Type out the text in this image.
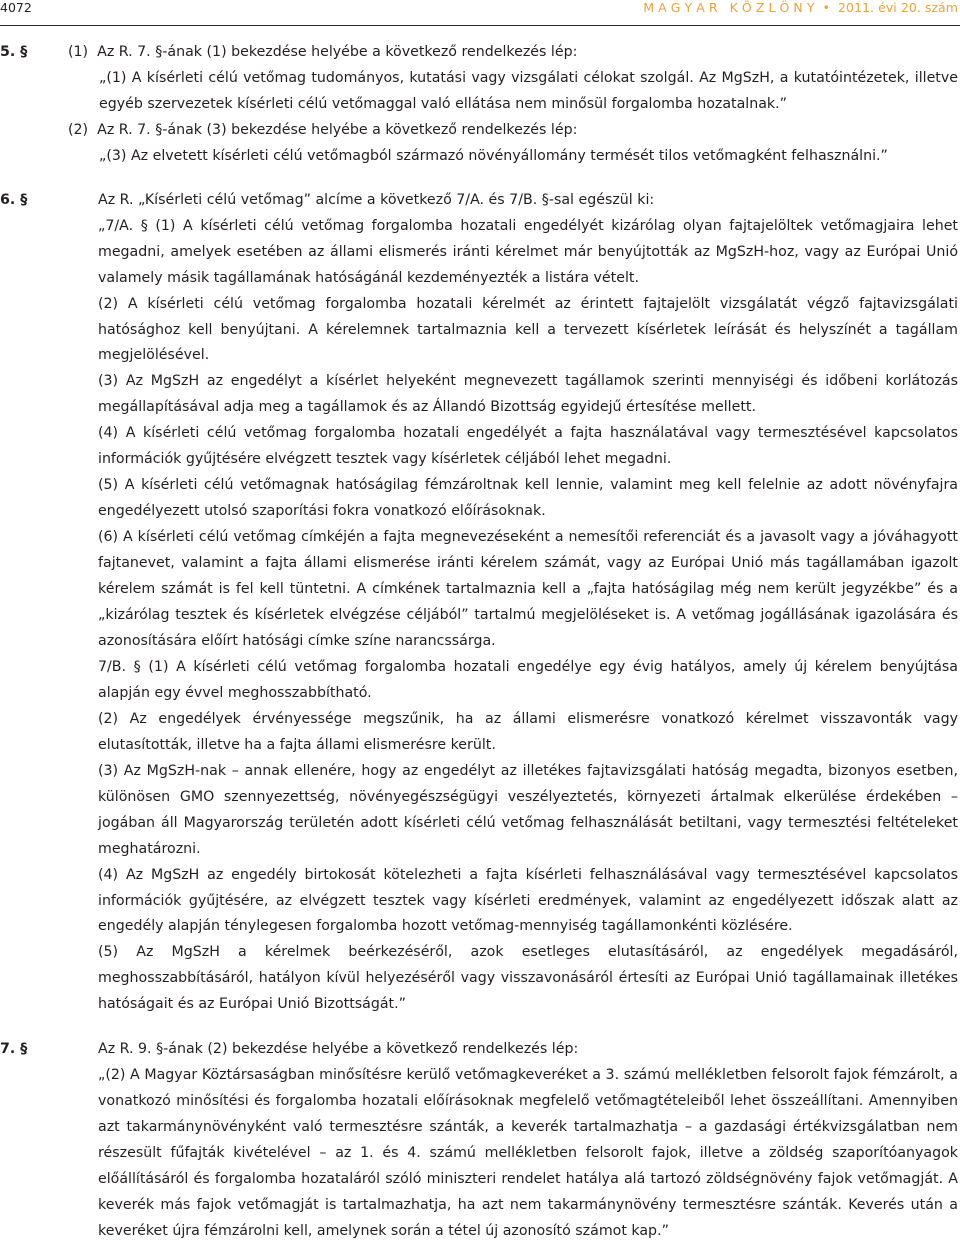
4072	M A G Y A R   K Ö Z L Ö N Y  •  2011. évi 20. szám
5. §	(1)  Az R. 7. §-ának (1) bekezdése helyébe a következő rendelkezés lép:

„(1) A kísérleti célú vetőmag tudományos, kutatási vagy vizsgálati célokat szolgál. Az MgSzH, a kutatóintézetek, illetve egyéb szervezetek kísérleti célú vetőmaggal való ellátása nem minősül forgalomba hozatalnak.”

(2)  Az R. 7. §-ának (3) bekezdése helyébe a következő rendelkezés lép:

„(3) Az elvetett kísérleti célú vetőmagból származó növényállomány termését tilos vetőmagként felhasználni.”

6. §	Az R. „Kísérleti célú vetőmag” alcíme a következő 7/A. és 7/B. §-sal egészül ki:

„7/A. § (1) A kísérleti célú vetőmag forgalomba hozatali engedélyét kizárólag olyan fajtajelöltek vetőmagjaira lehet megadni, amelyek esetében az állami elismerés iránti kérelmet már benyújtották az MgSzH-hoz, vagy az Európai Unió valamely másik tagállamának hatóságánál kezdeményezték a listára vételt.

(2) A kísérleti célú vetőmag forgalomba hozatali kérelmét az érintett fajtajelölt vizsgálatát végző fajtavizsgálati hatósághoz kell benyújtani. A kérelemnek tartalmaznia kell a tervezett kísérletek leírását és helyszínét a tagállam megjelölésével.

(3) Az MgSzH az engedélyt a kísérlet helyeként megnevezett tagállamok szerinti mennyiségi és időbeni korlátozás megállapításával adja meg a tagállamok és az Állandó Bizottság egyidejű értesítése mellett.

(4) A kísérleti célú vetőmag forgalomba hozatali engedélyét a fajta használatával vagy termesztésével kapcsolatos információk gyűjtésére elvégzett tesztek vagy kísérletek céljából lehet megadni.

(5) A kísérleti célú vetőmagnak hatóságilag fémzároltnak kell lennie, valamint meg kell felelnie az adott növényfajra engedélyezett utolsó szaporítási fokra vonatkozó előírásoknak.

(6) A kísérleti célú vetőmag címkéjén a fajta megnevezéseként a nemesítői referenciát és a javasolt vagy a jóváhagyott fajtanevet, valamint a fajta állami elismerése iránti kérelem számát, vagy az Európai Unió más tagállamában igazolt kérelem számát is fel kell tüntetni. A címkének tartalmaznia kell a „fajta hatóságilag még nem került jegyzékbe” és a „kizárólag tesztek és kísérletek elvégzése céljából” tartalmú megjelöléseket is. A vetőmag jogállásának igazolására és azonosítására előírt hatósági címke színe narancssárga.

7/B. § (1) A kísérleti célú vetőmag forgalomba hozatali engedélye egy évig hatályos, amely új kérelem benyújtása alapján egy évvel meghosszabbítható.

(2) Az engedélyek érvényessége megszűnik, ha az állami elismerésre vonatkozó kérelmet visszavonták vagy elutasították, illetve ha a fajta állami elismerésre került.

(3) Az MgSzH-nak – annak ellenére, hogy az engedélyt az illetékes fajtavizsgálati hatóság megadta, bizonyos esetben, különösen GMO szennyezettség, növényegészségügyi veszélyeztetés, környezeti ártalmak elkerülése érdekében – jogában áll Magyarország területén adott kísérleti célú vetőmag felhasználását betiltani, vagy termesztési feltételeket meghatározni.

(4) Az MgSzH az engedély birtokosát kötelezheti a fajta kísérleti felhasználásával vagy termesztésével kapcsolatos információk gyűjtésére, az elvégzett tesztek vagy kísérleti eredmények, valamint az engedélyezett időszak alatt az engedély alapján ténylegesen forgalomba hozott vetőmag-mennyiség tagállamonkénti közlésére.

(5) Az MgSzH a kérelmek beérkezéséről, azok esetleges elutasításáról, az engedélyek megadásáról, meghosszabbításáról, hatályon kívül helyezéséről vagy visszavonásáról értesíti az Európai Unió tagállamainak illetékes hatóságait és az Európai Unió Bizottságát.”

7. §	Az R. 9. §-ának (2) bekezdése helyébe a következő rendelkezés lép:

„(2) A Magyar Köztársaságban minősítésre kerülő vetőmagkeveréket a 3. számú mellékletben felsorolt fajok fémzárolt, a vonatkozó minősítési és forgalomba hozatali előírásoknak megfelelő vetőmagtételeiből lehet összeállítani. Amennyiben azt takarmánynövényként való termesztésre szánták, a keverék tartalmazhatja – a gazdasági értékvizsgálatban nem részesült fűfajták kivételével – az 1. és 4. számú mellékletben felsorolt fajok, illetve a zöldség szaporítóanyagok előállításáról és forgalomba hozataláról szóló miniszteri rendelet hatálya alá tartozó zöldségnövény fajok vetőmagját. A keverék más fajok vetőmagját is tartalmazhatja, ha azt nem takarmánynövény termesztésre szánták. Keverés után a keveréket újra fémzárolni kell, amelynek során a tétel új azonosító számot kap.”
